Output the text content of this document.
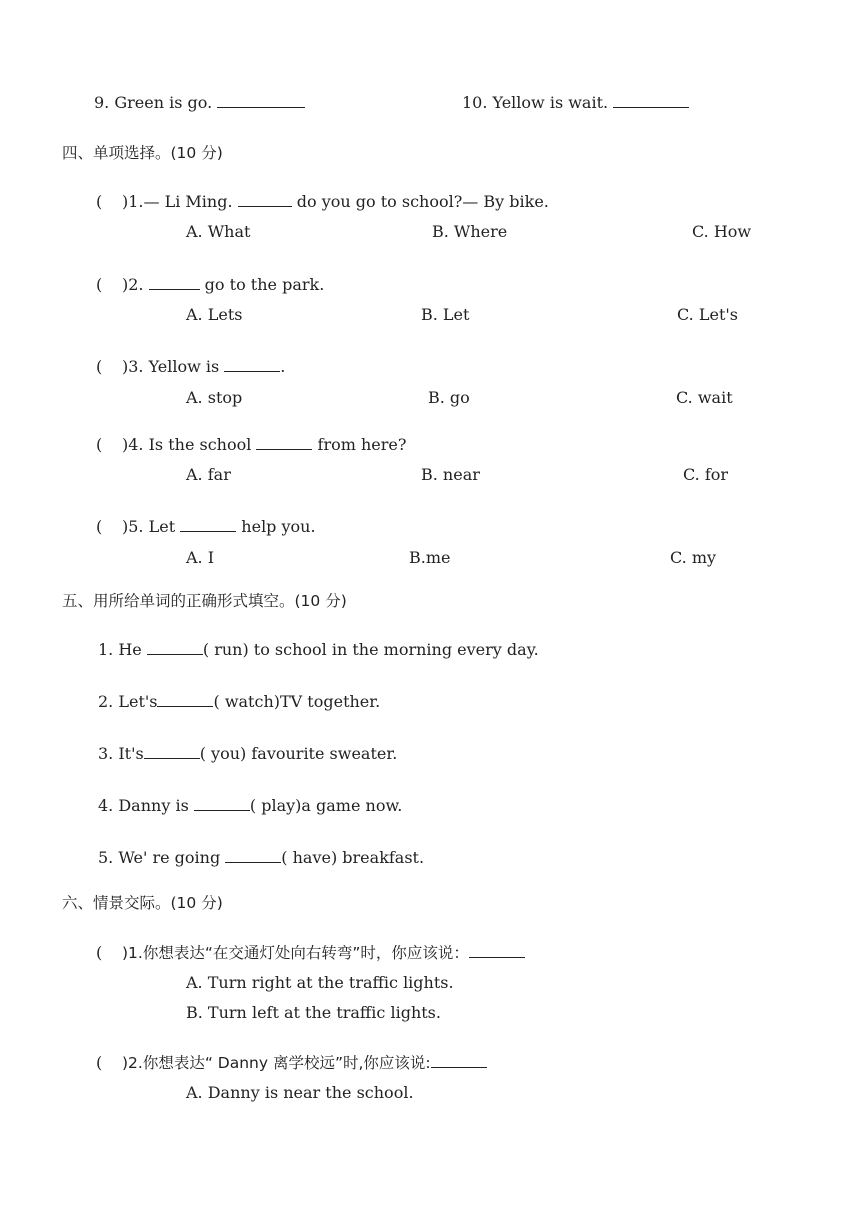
9. Green is go.	10. Yellow is wait.
四、单项选择。(10 分)
( )1.— Li Ming.	do you go to school?— By bike.
A. What	B. Where	C. How
( )2.	go to the park.
A. Lets	B. Let	C. Let's
( )3. Yellow is	.
A. stop	B. go	C. wait
( )4. Is the school	from here?
A. far	B. near	C. for
( )5. Let	help you.
A. I	B.me	C. my
五、用所给单词的正确形式填空。(10 分)
1. He	( run) to school in the morning every day.
2. Let's	( watch)TV together.
3. It's	( you) favourite sweater.
4. Danny is	( play)a game now.
5. We' re going	( have) breakfast.
六、情景交际。(10 分)
( )1.你想表达“在交通灯处向右转弯”时，你应该说：
A. Turn right at the traffic lights.
B. Turn left at the traffic lights.
( )2.你想表达“ Danny 离学校远”时,你应该说:
A. Danny is near the school.
